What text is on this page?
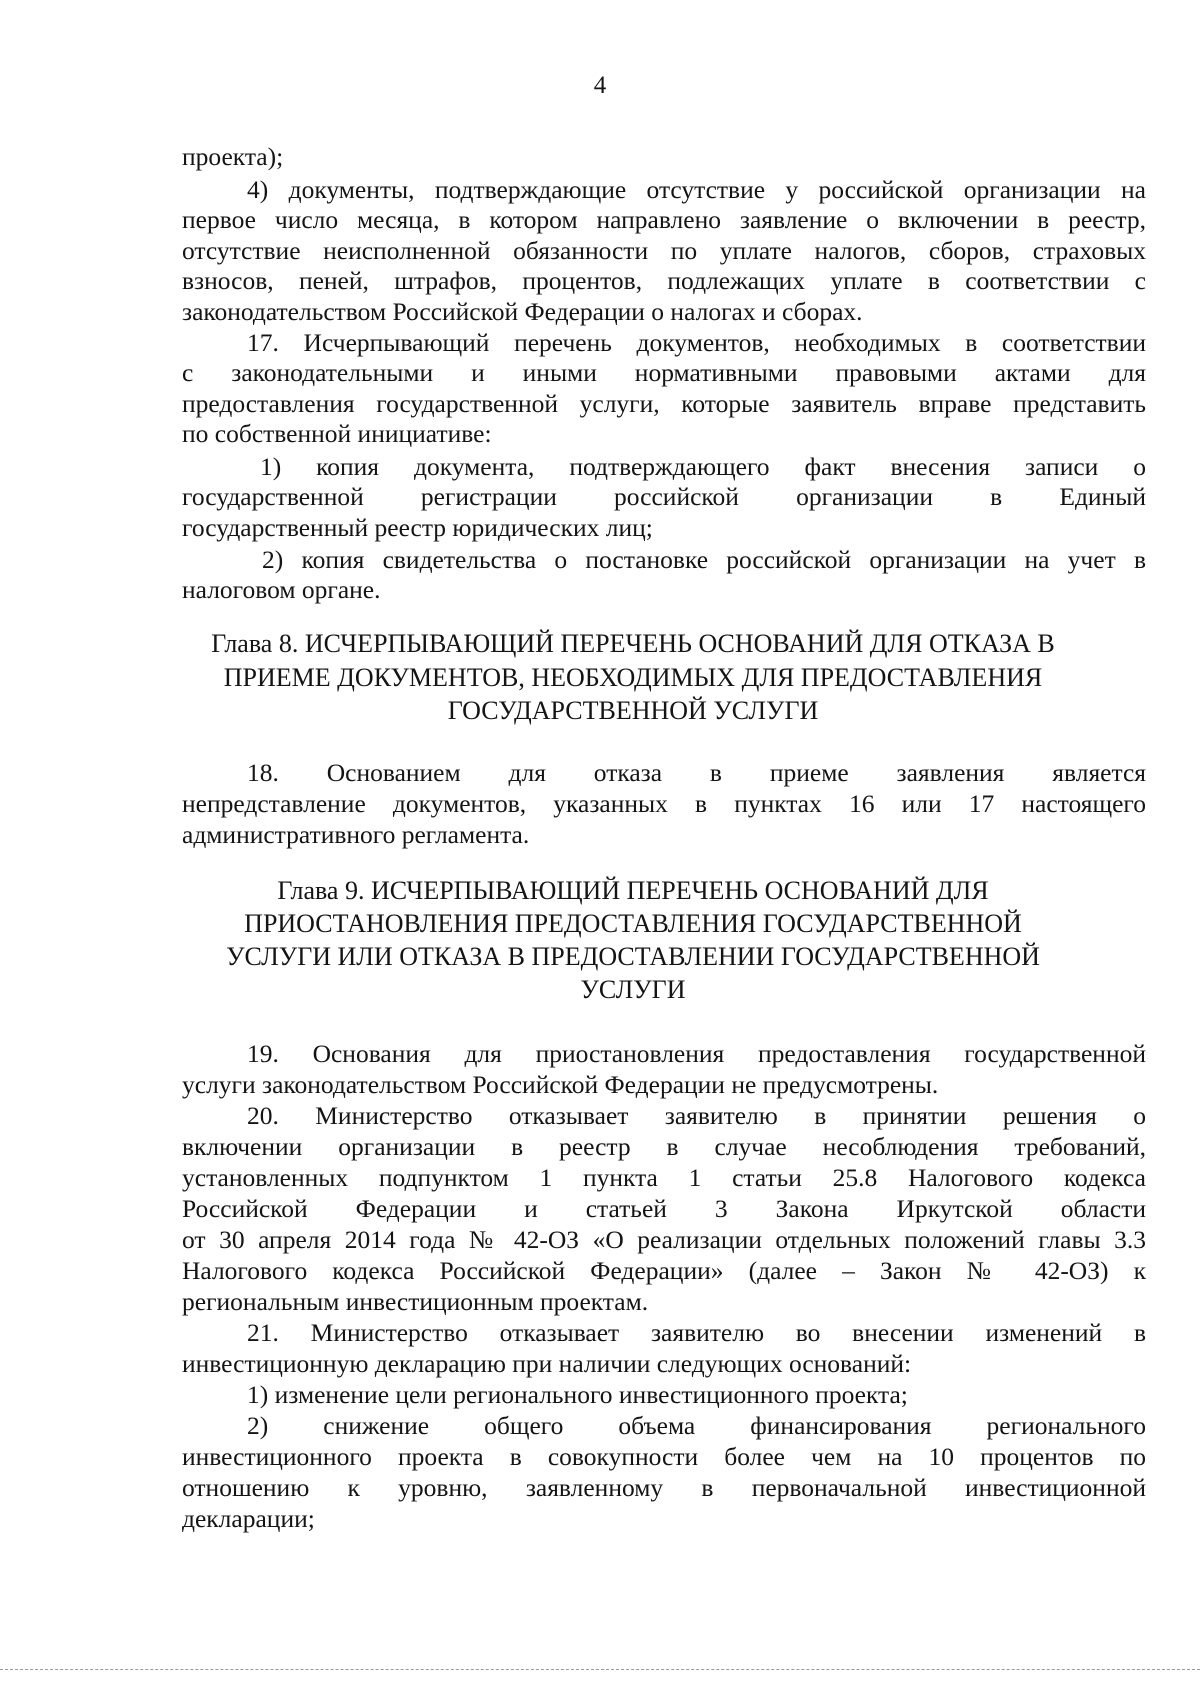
4
проекта);
4) документы, подтверждающие отсутствие у российской организации на
первое число месяца, в котором направлено заявление о включении в реестр,
отсутствие неисполненной обязанности по уплате налогов, сборов, страховых
взносов, пеней, штрафов, процентов, подлежащих уплате в соответствии с
законодательством Российской Федерации о налогах и сборах.
17. Исчерпывающий перечень документов, необходимых в соответствии
с законодательными и иными нормативными правовыми актами для
предоставления государственной услуги, которые заявитель вправе представить
по собственной инициативе:
1) копия документа, подтверждающего факт внесения записи о
государственной регистрации российской организации в Единый
государственный реестр юридических лиц;
2) копия свидетельства о постановке российской организации на учет в
налоговом органе.
Глава 8. ИСЧЕРПЫВАЮЩИЙ ПЕРЕЧЕНЬ ОСНОВАНИЙ ДЛЯ ОТКАЗА В
ПРИЕМЕ ДОКУМЕНТОВ, НЕОБХОДИМЫХ ДЛЯ ПРЕДОСТАВЛЕНИЯ
ГОСУДАРСТВЕННОЙ УСЛУГИ
18. Основанием для отказа в приеме заявления является
непредставление документов, указанных в пунктах 16 или 17 настоящего
административного регламента.
Глава 9. ИСЧЕРПЫВАЮЩИЙ ПЕРЕЧЕНЬ ОСНОВАНИЙ ДЛЯ
ПРИОСТАНОВЛЕНИЯ ПРЕДОСТАВЛЕНИЯ ГОСУДАРСТВЕННОЙ
УСЛУГИ ИЛИ ОТКАЗА В ПРЕДОСТАВЛЕНИИ ГОСУДАРСТВЕННОЙ
УСЛУГИ
19. Основания для приостановления предоставления государственной
услуги законодательством Российской Федерации не предусмотрены.
20. Министерство отказывает заявителю в принятии решения о
включении организации в реестр в случае несоблюдения требований,
установленных подпунктом 1 пункта 1 статьи 25.8 Налогового кодекса
Российской Федерации и статьей 3 Закона Иркутской области
от 30 апреля 2014 года № 42-ОЗ «О реализации отдельных положений главы 3.3
Налогового кодекса Российской Федерации» (далее – Закон № 42-ОЗ) к
региональным инвестиционным проектам.
21. Министерство отказывает заявителю во внесении изменений в
инвестиционную декларацию при наличии следующих оснований:
1) изменение цели регионального инвестиционного проекта;
2) снижение общего объема финансирования регионального
инвестиционного проекта в совокупности более чем на 10 процентов по
отношению к уровню, заявленному в первоначальной инвестиционной
декларации;
